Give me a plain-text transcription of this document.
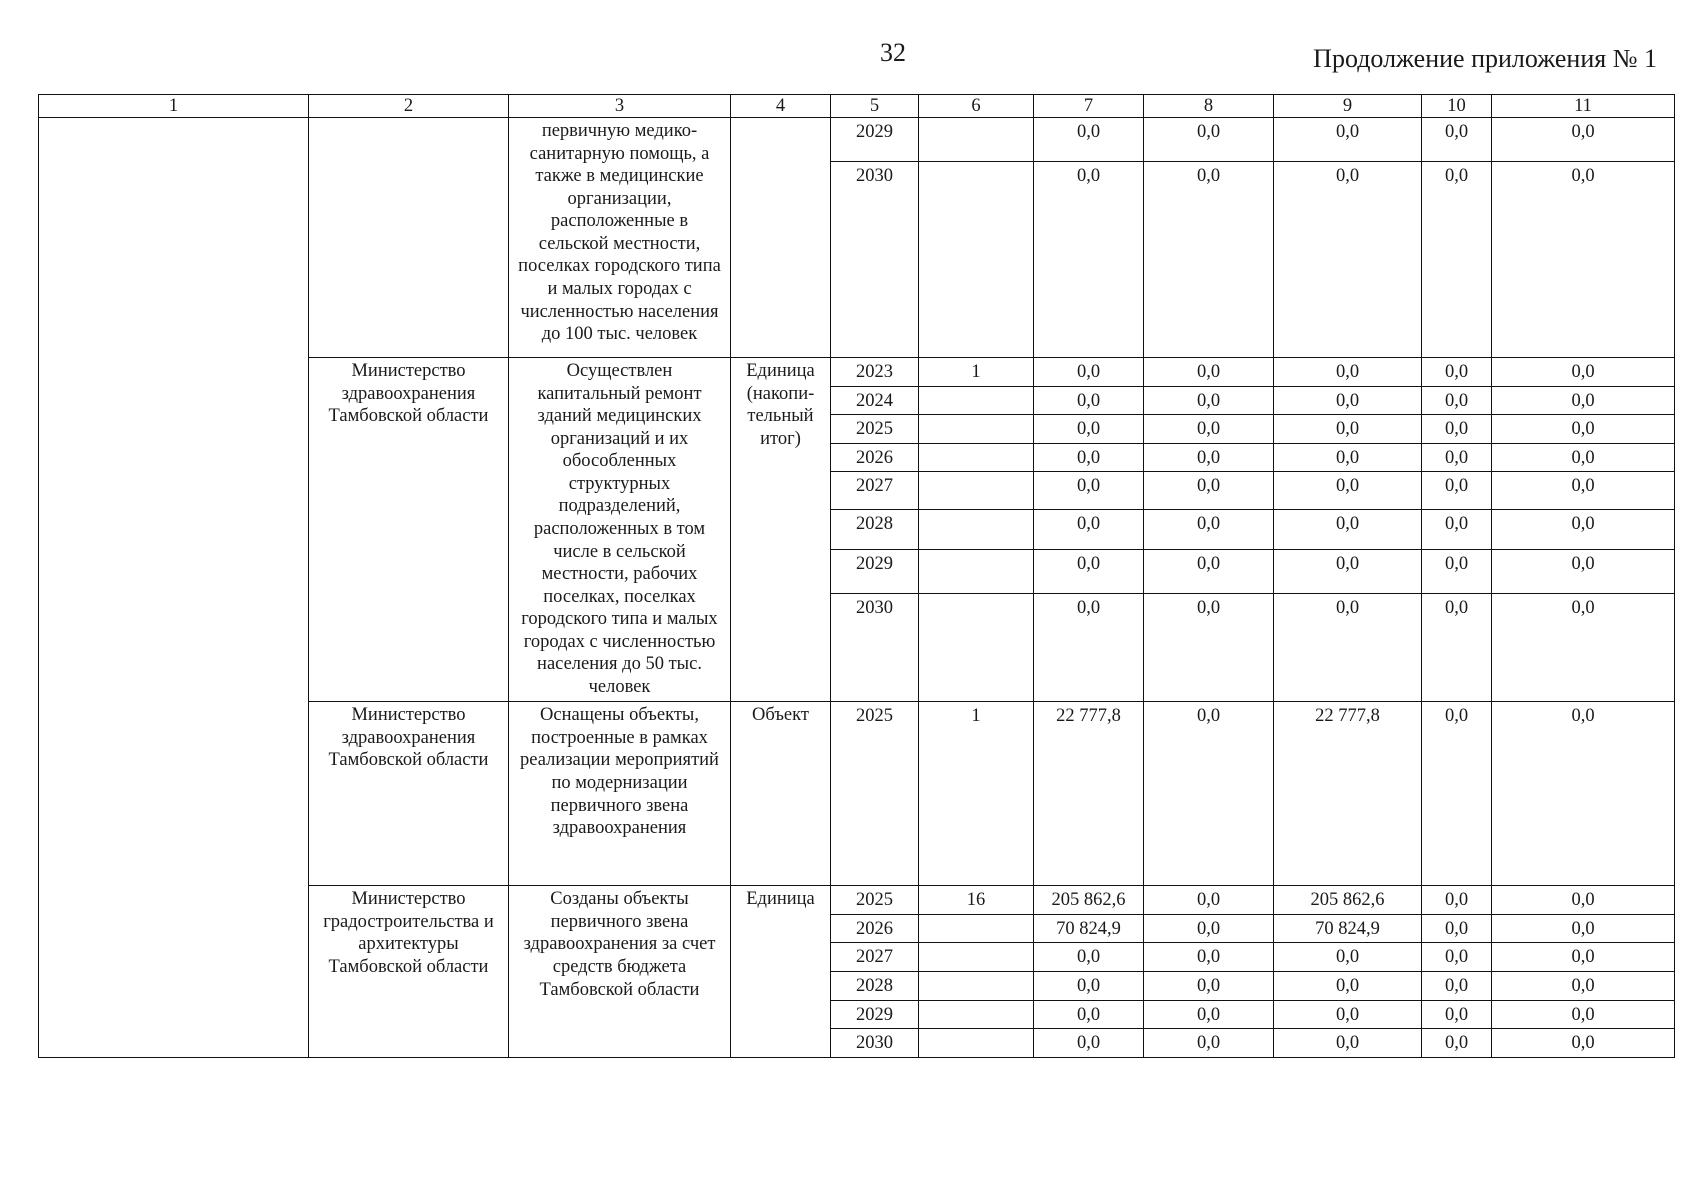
32	Продолжение приложения № 1
1	2	3	4	5	6	7	8	9	10	11
		первичную медико-санитарную помощь, а также в медицинские организации, расположенные в сельской местности, поселках городского типа и малых городах с численностью населения до 100 тыс. человек		2029		0,0	0,0	0,0	0,0	0,0
				2030		0,0	0,0	0,0	0,0	0,0
	Министерство здравоохранения Тамбовской области	Осуществлен капитальный ремонт зданий медицинских организаций и их обособленных структурных подразделений, расположенных в том числе в сельской местности, рабочих поселках, поселках городского типа и малых городах с численностью населения до 50 тыс. человек	Единица (накопи-тельный итог)	2023	1	0,0	0,0	0,0	0,0	0,0
				2024		0,0	0,0	0,0	0,0	0,0
				2025		0,0	0,0	0,0	0,0	0,0
				2026		0,0	0,0	0,0	0,0	0,0
				2027		0,0	0,0	0,0	0,0	0,0
				2028		0,0	0,0	0,0	0,0	0,0
				2029		0,0	0,0	0,0	0,0	0,0
				2030		0,0	0,0	0,0	0,0	0,0
	Министерство здравоохранения Тамбовской области	Оснащены объекты, построенные в рамках реализации мероприятий по модернизации первичного звена здравоохранения	Объект	2025	1	22 777,8	0,0	22 777,8	0,0	0,0
	Министерство градостроительства и архитектуры Тамбовской области	Созданы объекты первичного звена здравоохранения за счет средств бюджета Тамбовской области	Единица	2025	16	205 862,6	0,0	205 862,6	0,0	0,0
				2026		70 824,9	0,0	70 824,9	0,0	0,0
				2027		0,0	0,0	0,0	0,0	0,0
				2028		0,0	0,0	0,0	0,0	0,0
				2029		0,0	0,0	0,0	0,0	0,0
				2030		0,0	0,0	0,0	0,0	0,0
